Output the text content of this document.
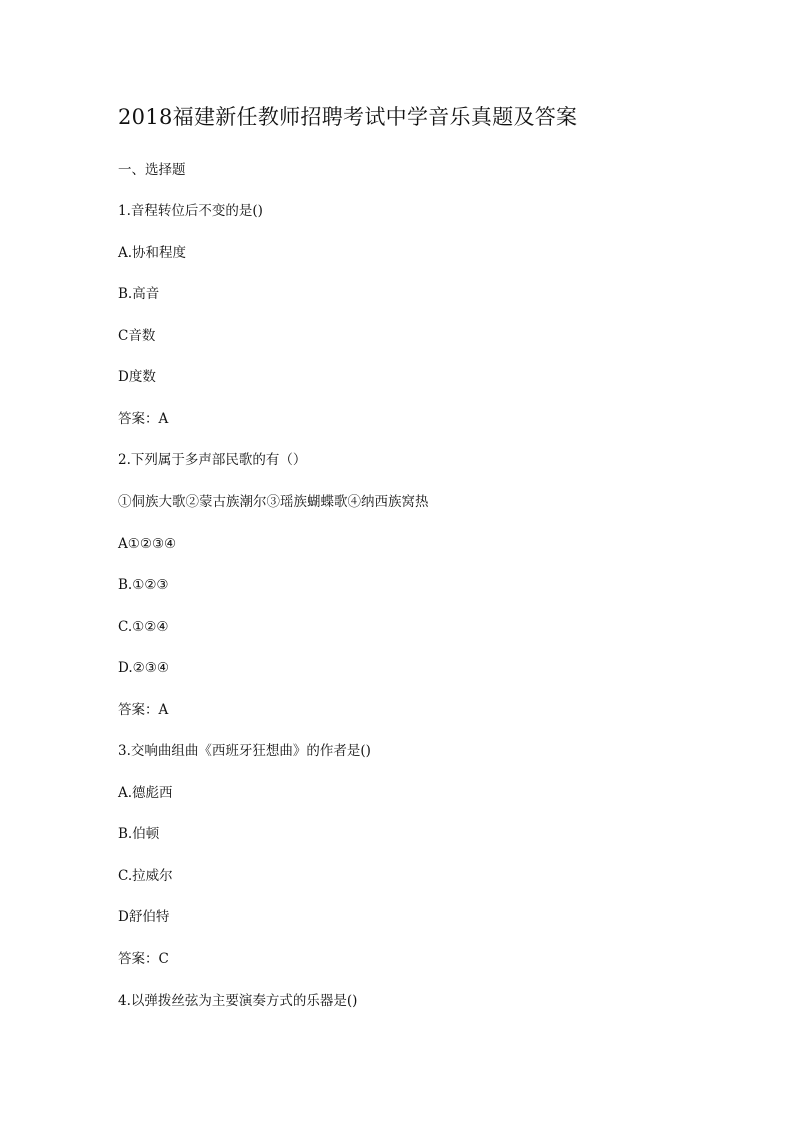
2018福建新任教师招聘考试中学音乐真题及答案
一、选择题
1.音程转位后不变的是()
A.协和程度
B.高音
C音数
D度数
答案：A
2.下列属于多声部民歌的有（）
①侗族大歌②蒙古族潮尔③瑶族蝴蝶歌④纳西族窝热
A①②③④
B.①②③
C.①②④
D.②③④
答案：A
3.交响曲组曲《西班牙狂想曲》的作者是()
A.德彪西
B.伯顿
C.拉威尔
D舒伯特
答案：C
4.以弹拨丝弦为主要演奏方式的乐器是()
